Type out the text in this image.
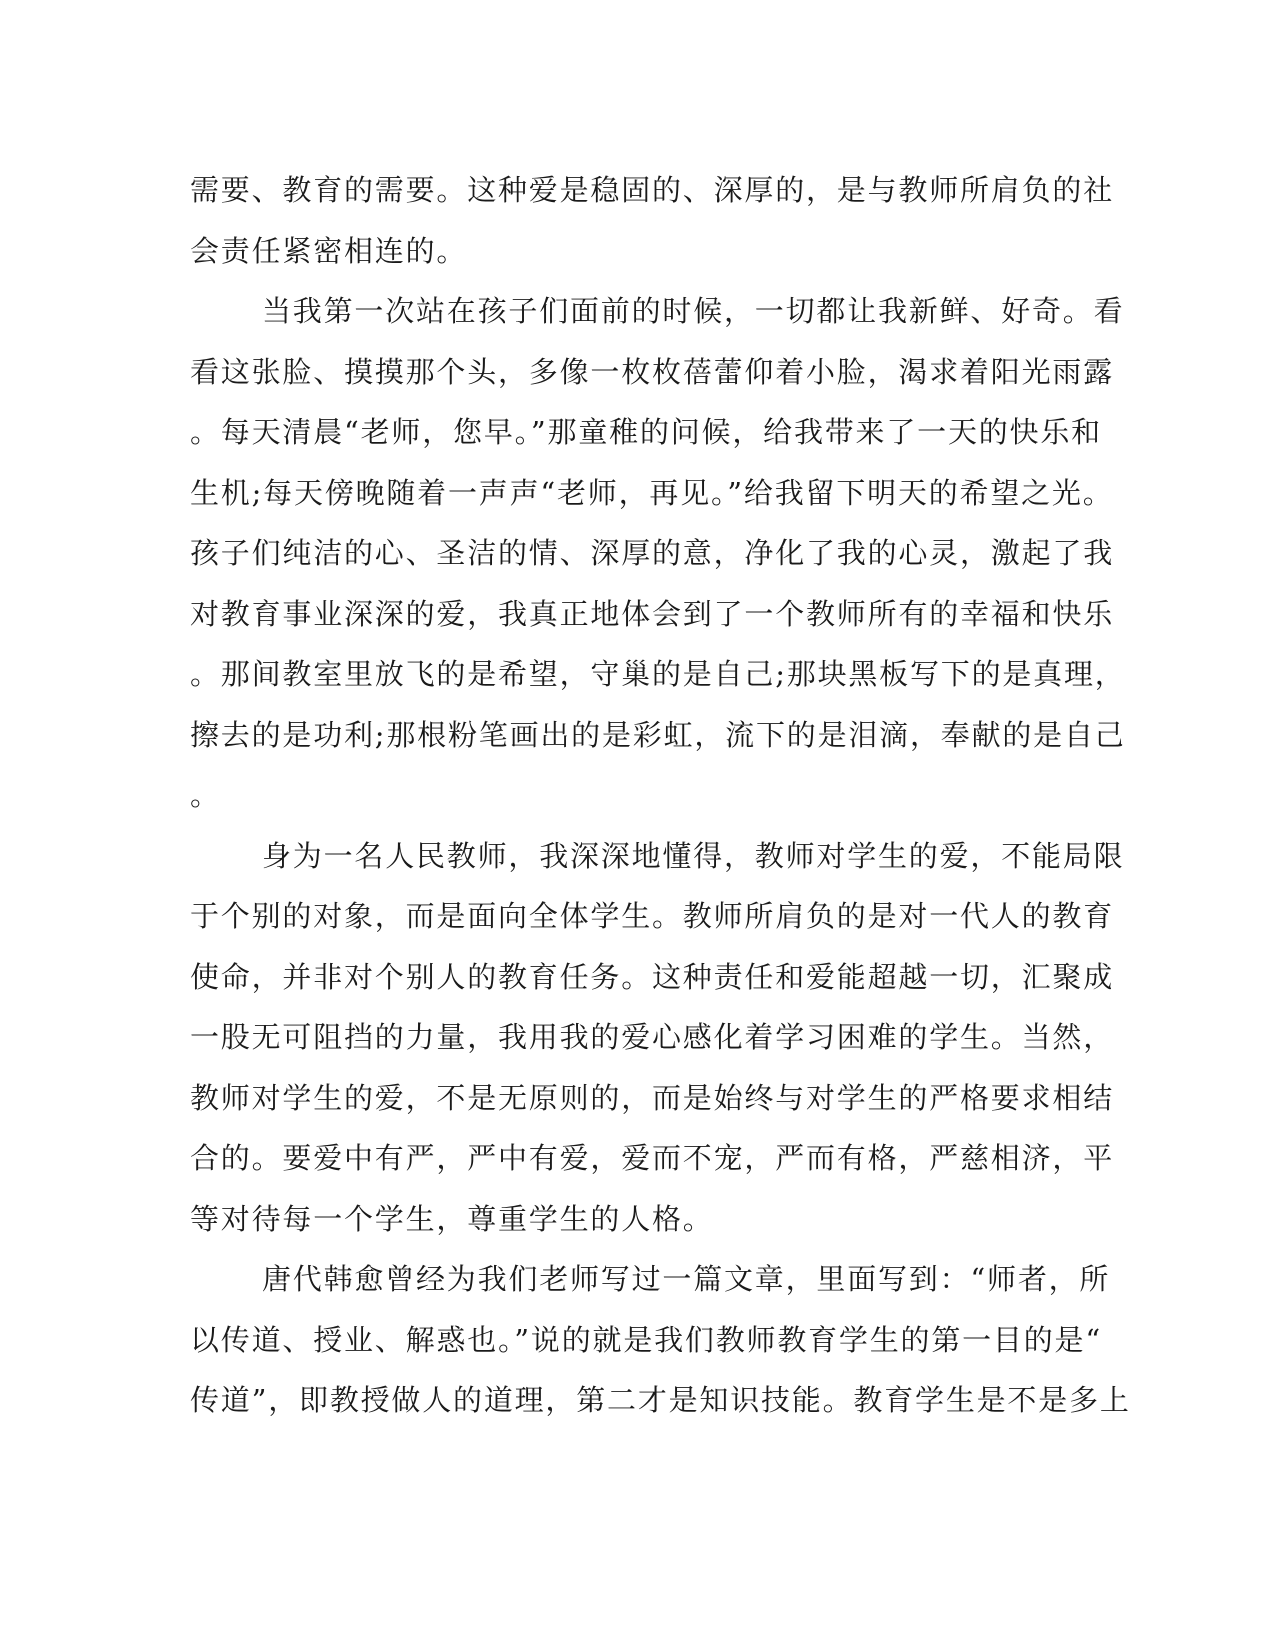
需要、教育的需要。这种爱是稳固的、深厚的，是与教师所肩负的社
会责任紧密相连的。
当我第一次站在孩子们面前的时候，一切都让我新鲜、好奇。看
看这张脸、摸摸那个头，多像一枚枚蓓蕾仰着小脸，渴求着阳光雨露
。每天清晨“老师，您早。”那童稚的问候，给我带来了一天的快乐和
生机;每天傍晚随着一声声“老师，再见。”给我留下明天的希望之光。
孩子们纯洁的心、圣洁的情、深厚的意，净化了我的心灵，激起了我
对教育事业深深的爱，我真正地体会到了一个教师所有的幸福和快乐
。那间教室里放飞的是希望，守巢的是自己;那块黑板写下的是真理，
擦去的是功利;那根粉笔画出的是彩虹，流下的是泪滴，奉献的是自己
。
身为一名人民教师，我深深地懂得，教师对学生的爱，不能局限
于个别的对象，而是面向全体学生。教师所肩负的是对一代人的教育
使命，并非对个别人的教育任务。这种责任和爱能超越一切，汇聚成
一股无可阻挡的力量，我用我的爱心感化着学习困难的学生。当然，
教师对学生的爱，不是无原则的，而是始终与对学生的严格要求相结
合的。要爱中有严，严中有爱，爱而不宠，严而有格，严慈相济，平
等对待每一个学生，尊重学生的人格。
唐代韩愈曾经为我们老师写过一篇文章，里面写到：“师者，所
以传道、授业、解惑也。”说的就是我们教师教育学生的第一目的是“
传道”，即教授做人的道理，第二才是知识技能。教育学生是不是多上
